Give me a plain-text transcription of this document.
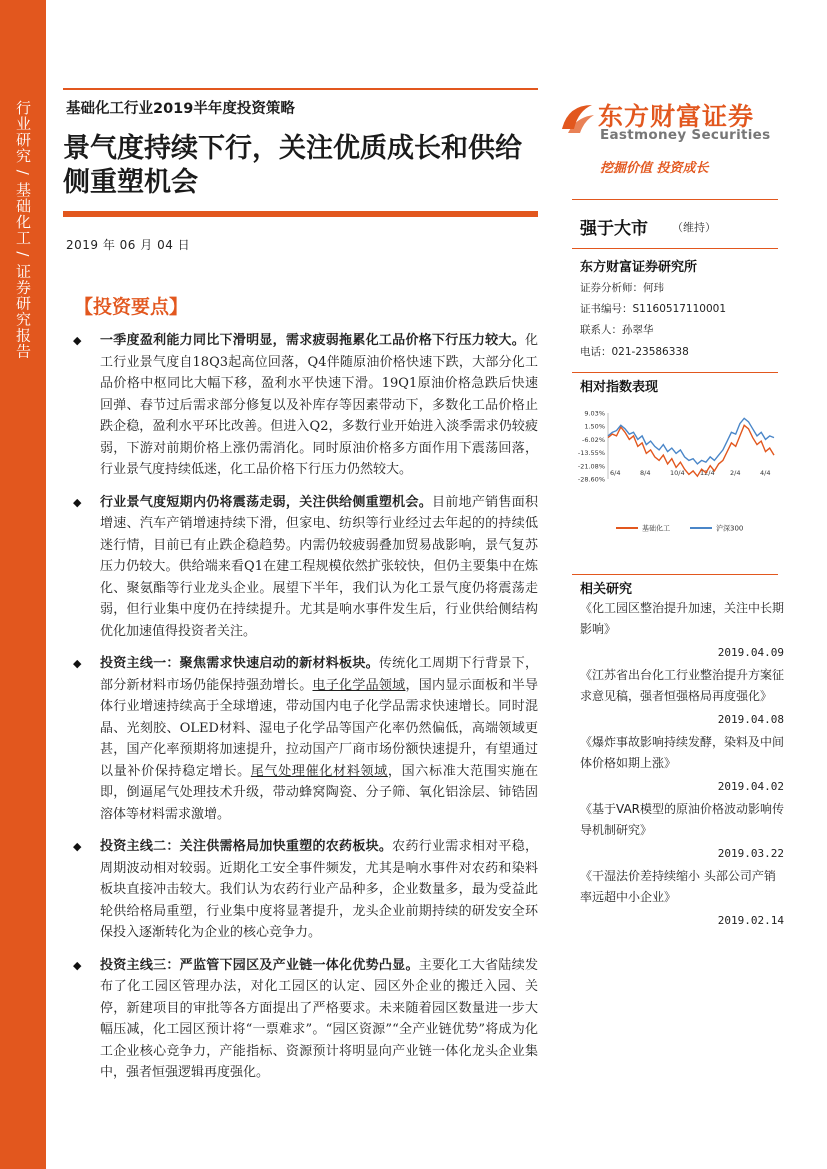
行业研究 / 基础化工 / 证券研究报告 基础化工行业2019半年度投资策略
景气度持续下行，关注优质成长和供给侧重塑机会
2019 年 06 月 04 日
【投资要点】
◆ 一季度盈利能力同比下滑明显，需求疲弱拖累化工品价格下行压力较大。化工行业景气度自18Q3起高位回落，Q4伴随原油价格快速下跌，大部分化工品价格中枢同比大幅下移，盈利水平快速下滑。19Q1原油价格急跌后快速回弹、春节过后需求部分修复以及补库存等因素带动下，多数化工品价格止跌企稳，盈利水平环比改善。但进入Q2，多数行业开始进入淡季需求仍较疲弱，下游对前期价格上涨仍需消化。同时原油价格多方面作用下震荡回落，行业景气度持续低迷，化工品价格下行压力仍然较大。
◆ 行业景气度短期内仍将震荡走弱，关注供给侧重塑机会。目前地产销售面积增速、汽车产销增速持续下滑，但家电、纺织等行业经过去年起的的持续低迷行情，目前已有止跌企稳趋势。内需仍较疲弱叠加贸易战影响，景气复苏压力仍较大。供给端来看Q1在建工程规模依然扩张较快，但仍主要集中在炼化、聚氨酯等行业龙头企业。展望下半年，我们认为化工景气度仍将震荡走弱，但行业集中度仍在持续提升。尤其是响水事件发生后，行业供给侧结构优化加速值得投资者关注。
◆ 投资主线一：聚焦需求快速启动的新材料板块。传统化工周期下行背景下，部分新材料市场仍能保持强劲增长。电子化学品领域，国内显示面板和半导体行业增速持续高于全球增速，带动国内电子化学品需求快速增长。同时混晶、光刻胶、OLED材料、湿电子化学品等国产化率仍然偏低，高端领域更甚，国产化率预期将加速提升，拉动国产厂商市场份额快速提升，有望通过以量补价保持稳定增长。尾气处理催化材料领域，国六标准大范围实施在即，倒逼尾气处理技术升级，带动蜂窝陶瓷、分子筛、氧化铝涂层、铈锆固溶体等材料需求激增。
◆ 投资主线二：关注供需格局加快重塑的农药板块。农药行业需求相对平稳，周期波动相对较弱。近期化工安全事件频发，尤其是响水事件对农药和染料板块直接冲击较大。我们认为农药行业产品种多，企业数量多，最为受益此轮供给格局重塑，行业集中度将显著提升，龙头企业前期持续的研发安全环保投入逐渐转化为企业的核心竞争力。
◆ 投资主线三：严监管下园区及产业链一体化优势凸显。主要化工大省陆续发布了化工园区管理办法，对化工园区的认定、园区外企业的搬迁入园、关停，新建项目的审批等各方面提出了严格要求。未来随着园区数量进一步大幅压减，化工园区预计将“一票难求”。“园区资源”“全产业链优势”将成为化工企业核心竞争力，产能指标、资源预计将明显向产业链一体化龙头企业集中，强者恒强逻辑再度强化。
东方财富证券
Eastmoney Securities
挖掘价值 投资成长
强于大市 （维持）
东方财富证券研究所
证券分析师：何玮
证书编号：S1160517110001
联系人：孙翠华
电话：021-23586338
相对指数表现
9.03%
1.50%
-6.02%
-13.55%
-21.08%
-28.60%
6/4	8/4	10/4 12/4 2/4	4/4
基础化工	沪深300
相关研究
《化工园区整治提升加速，关注中长期影响》
2019.04.09
《江苏省出台化工行业整治提升方案征求意见稿，强者恒强格局再度强化》
2019.04.08
《爆炸事故影响持续发酵，染料及中间体价格如期上涨》
2019.04.02
《基于VAR模型的原油价格波动影响传导机制研究》
2019.03.22
《干湿法价差持续缩小 头部公司产销率远超中小企业》
2019.02.14
